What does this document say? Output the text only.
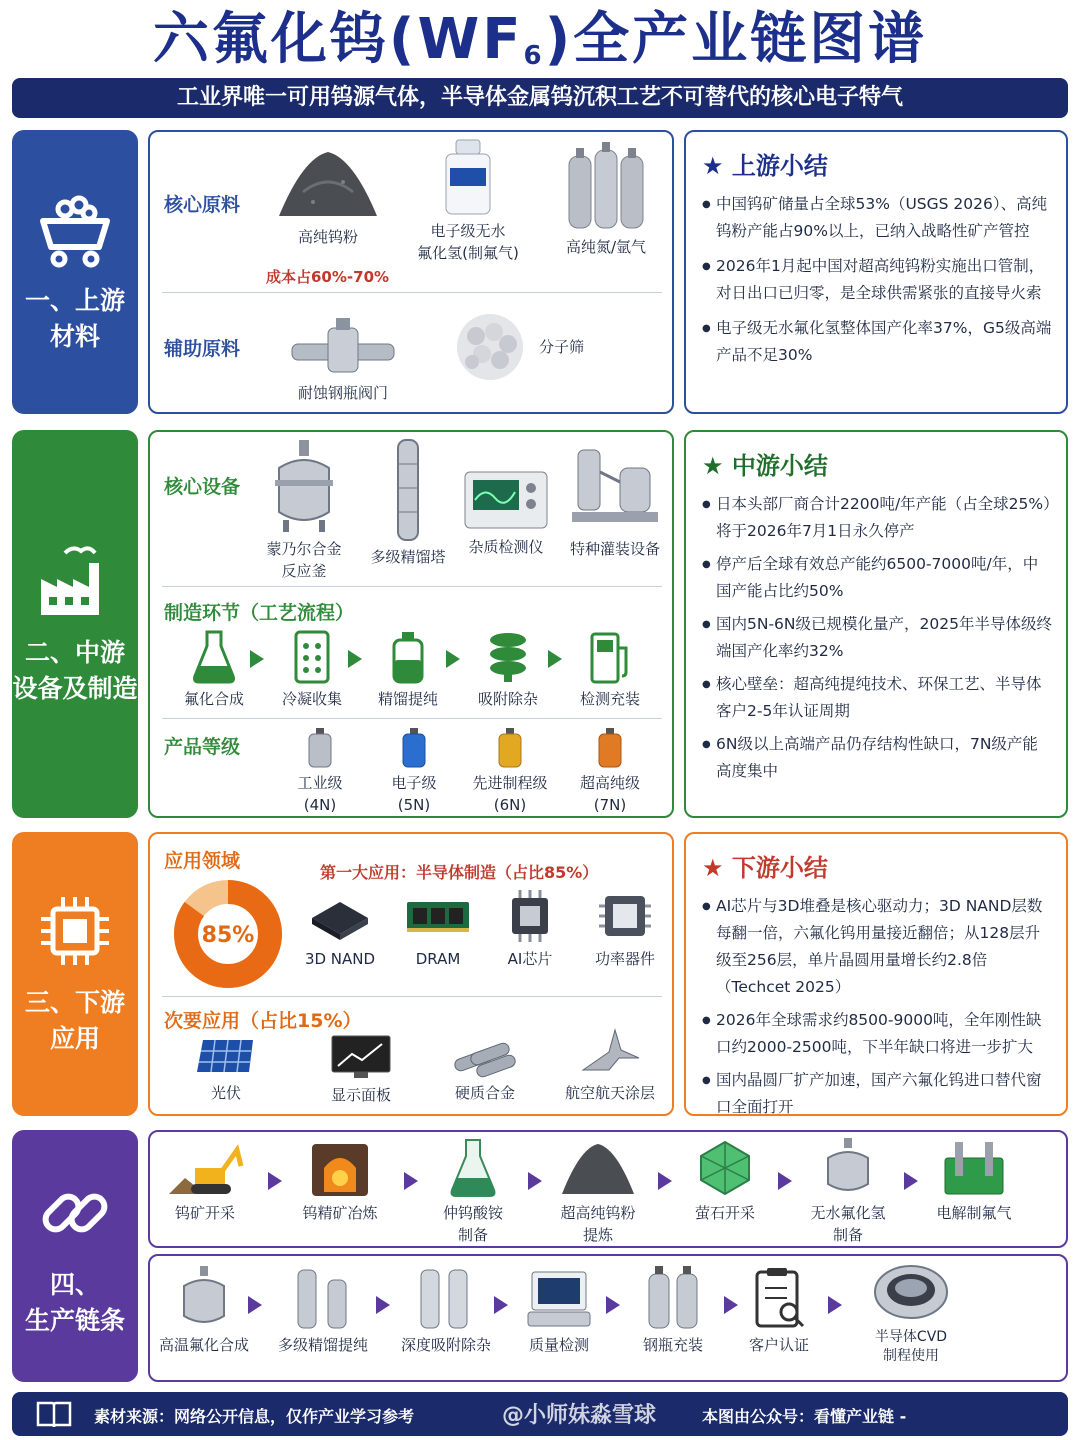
六氟化钨$(WF_6)$全产业链图谱
工业界唯一可用钨源气体，半导体金属钨沉积工艺不可替代的核心电子特气
一、上游
材料
核心原料
高纯钨粉	电子级无水
氟化氢(制氟气)	高纯氮/氩气
成本占60%-70%
辅助原料
耐蚀钢瓶阀门
分子筛
★ 上游小结
● 中国钨矿储量占全球53%（USGS 2026）、高纯钨粉产能占90%以上，已纳入战略性矿产管控
● 2026年1月起中国对超高纯钨粉实施出口管制，对日出口已归零，是全球供需紧张的直接导火索
● 电子级无水氟化氢整体国产化率37%，G5级高端产品不足30%
二、中游
设备及制造
核心设备
蒙乃尔合金
反应釜
多级精馏塔
杂质检测仪	特种灌装设备
制造环节（工艺流程）
氟化合成	冷凝收集	精馏提纯	吸附除杂	检测充装
产品等级
工业级
(4N)
电子级
(5N)
先进制程级
(6N)
超高纯级
(7N)
★ 中游小结
● 日本头部厂商合计2200吨/年产能（占全球25%）将于2026年7月1日永久停产
● 停产后全球有效总产能约6500-7000吨/年，中国产能占比约50%
● 国内5N-6N级已规模化量产，2025年半导体级终端国产化率约32%
● 核心壁垒：超高纯提纯技术、环保工艺、半导体客户2-5年认证周期
● 6N级以上高端产品仍存结构性缺口，7N级产能高度集中
三、下游
应用
应用领域
第一大应用：半导体制造（占比85%）
85%
3D NAND	DRAM	AI芯片	功率器件
次要应用（占比15%）
光伏	显示面板	硬质合金	航空航天涂层
★ 下游小结
● AI芯片与3D堆叠是核心驱动力；3D NAND层数每翻一倍，六氟化钨用量接近翻倍；从128层升级至256层，单片晶圆用量增长约2.8倍（Techcet 2025）
● 2026年全球需求约8500-9000吨，全年刚性缺口约2000-2500吨，下半年缺口将进一步扩大
● 国内晶圆厂扩产加速，国产六氟化钨进口替代窗口全面打开
四、
生产链条
钨矿开采	钨精矿冶炼	仲钨酸铵
制备
超高纯钨粉
提炼
萤石开采	无水氟化氢
制备
电解制氟气
高温氟化合成	多级精馏提纯	深度吸附除杂	质量检测	钢瓶充装	客户认证	半导体CVD
制程使用
素材来源：网络公开信息，仅作产业学习参考	@小师妹淼雪球	本图由公众号：看懂产业链 -
